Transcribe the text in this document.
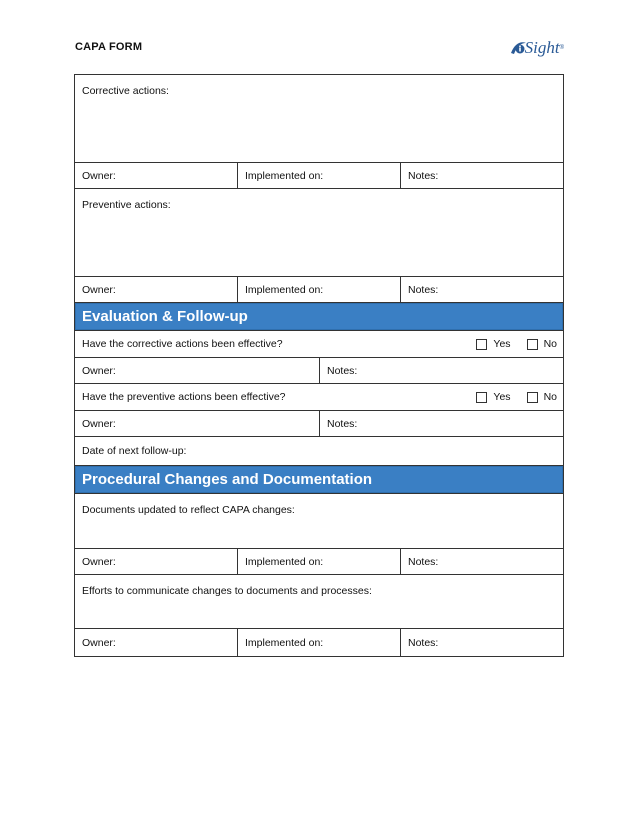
CAPA FORM	Sight ®
Corrective actions:
Owner:	Implemented on:	Notes:
Preventive actions:
Owner:	Implemented on:	Notes:
Evaluation & Follow-up
Have the corrective actions been effective?	Yes	No
Owner:	Notes:
Have the preventive actions been effective?	Yes	No
Owner:	Notes:
Date of next follow-up:
Procedural Changes and Documentation
Documents updated to reflect CAPA changes:
Owner:	Implemented on:	Notes:
Efforts to communicate changes to documents and processes:
Owner:	Implemented on:	Notes:
